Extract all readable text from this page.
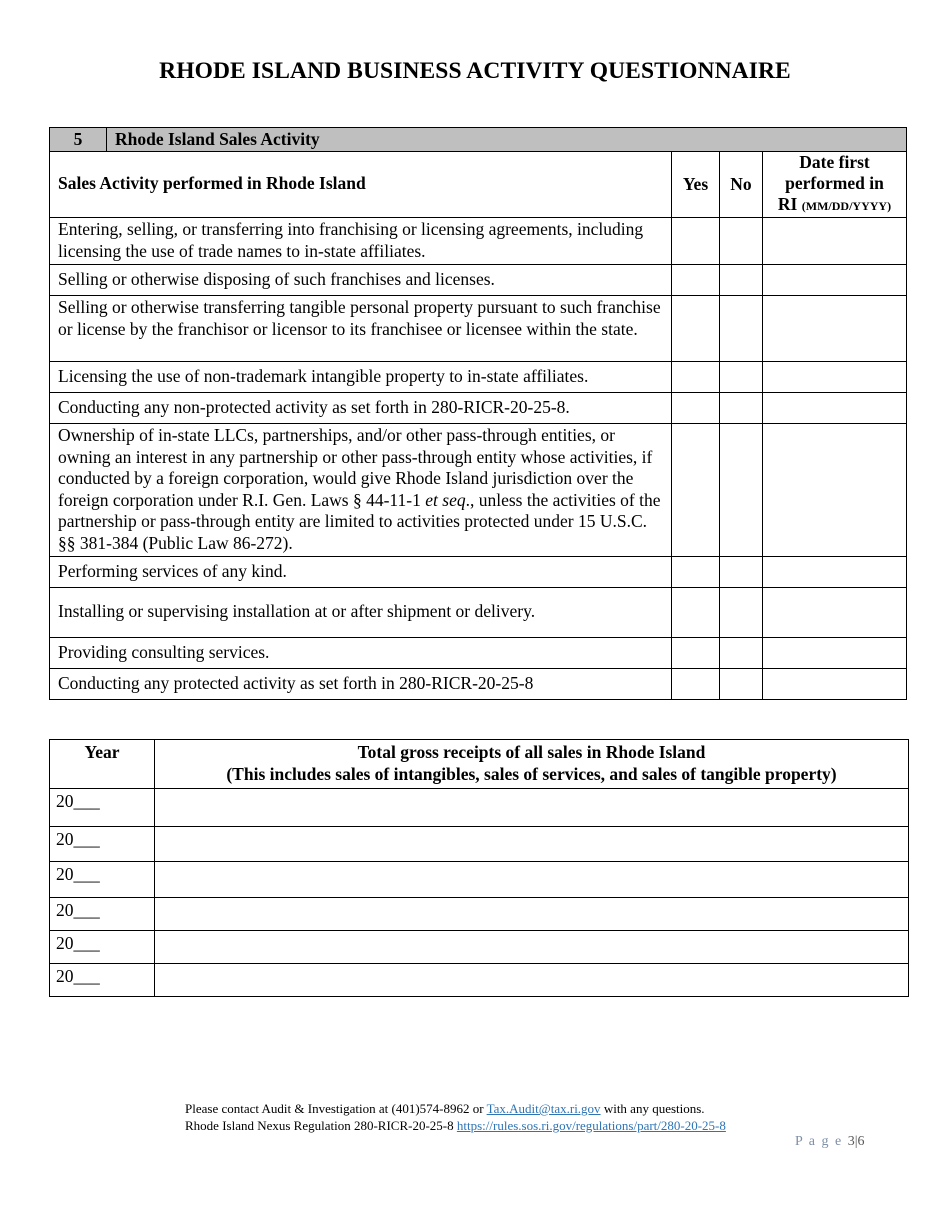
RHODE ISLAND BUSINESS ACTIVITY QUESTIONNAIRE
5	Rhode Island Sales Activity			
Sales Activity performed in Rhode Island		Yes	No	Date first
performed in
RI (MM/DD/YYYY)
Entering, selling, or transferring into franchising or licensing agreements, including licensing the use of trade names to in-state affiliates.				
Selling or otherwise disposing of such franchises and licenses.				
Selling or otherwise transferring tangible personal property pursuant to such franchise or license by the franchisor or licensor to its franchisee or licensee within the state.				
Licensing the use of non-trademark intangible property to in-state affiliates.				
Conducting any non-protected activity as set forth in 280-RICR-20-25-8.				
Ownership of in-state LLCs, partnerships, and/or other pass-through entities, or owning an interest in any partnership or other pass-through entity whose activities, if conducted by a foreign corporation, would give Rhode Island jurisdiction over the foreign corporation under R.I. Gen. Laws § 44-11-1 et seq., unless the activities of the partnership or pass-through entity are limited to activities protected under 15 U.S.C. §§ 381-384 (Public Law 86-272).				
Performing services of any kind.				
Installing or supervising installation at or after shipment or delivery.				
Providing consulting services.				
Conducting any protected activity as set forth in 280-RICR-20-25-8				
Year	Total gross receipts of all sales in Rhode Island
(This includes sales of intangibles, sales of services, and sales of tangible property)
20___	
20___	
20___	
20___	
20___	
20___	
Please contact Audit & Investigation at (401)574-8962 or Tax.Audit@tax.ri.gov with any questions.
Rhode Island Nexus Regulation 280-RICR-20-25-8 https://rules.sos.ri.gov/regulations/part/280-20-25-8
P a g e 3|6
